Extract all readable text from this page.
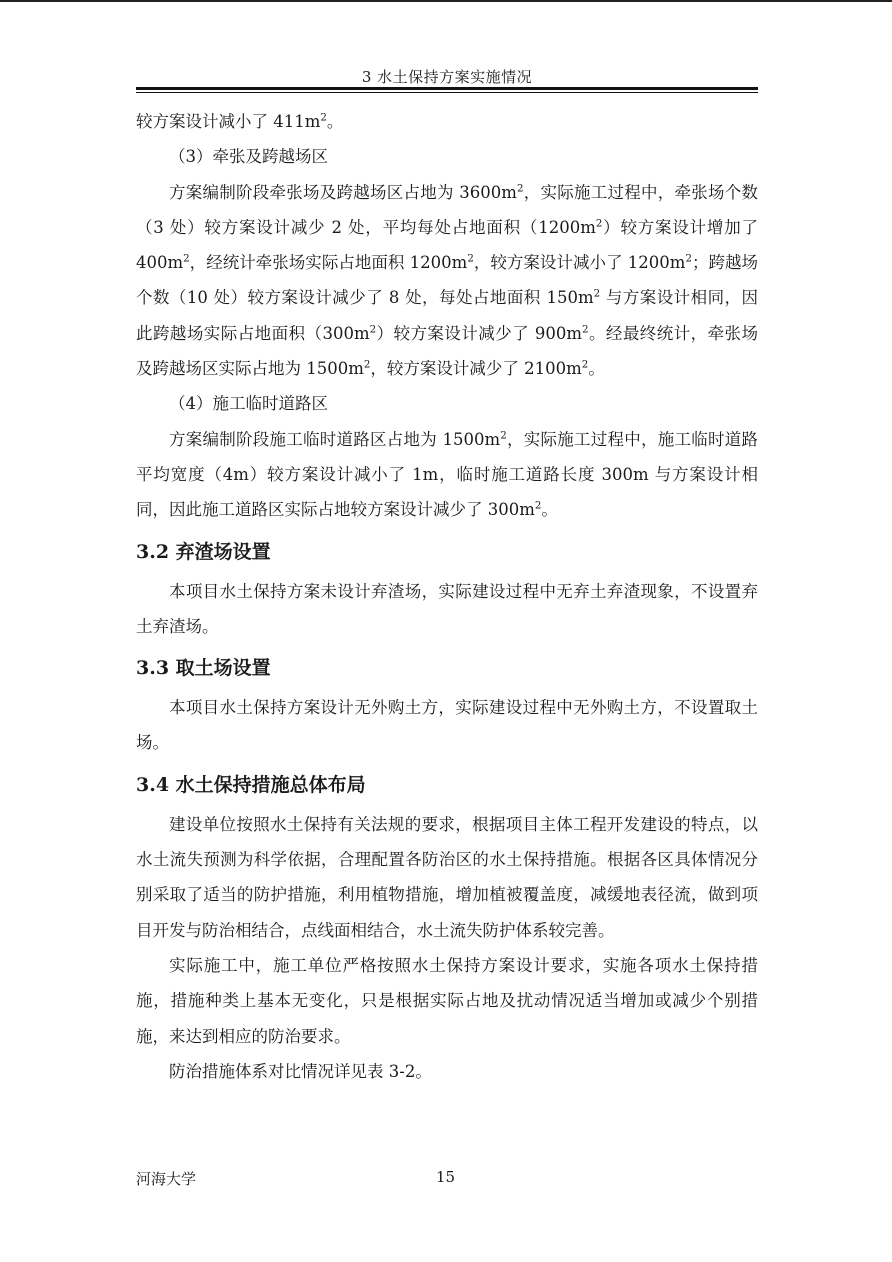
3 水土保持方案实施情况

较方案设计减小了 $411m^2$。

（3）牵张及跨越场区

方案编制阶段牵张场及跨越场区占地为 $3600m^2$，实际施工过程中，牵张场个数（3 处）较方案设计减少 2 处，平均每处占地面积$(1200m^2)$较方案设计增加了 $400m^2$，经统计牵张场实际占地面积 $1200m^2$，较方案设计减小了 $1200m^2$；跨越场个数（10 处）较方案设计减少了 8 处，每处占地面积 $150m^2$ 与方案设计相同，因此跨越场实际占地面积$(300m^2)$较方案设计减少了 $900m^2$。经最终统计，牵张场及跨越场区实际占地为 $1500m^2$，较方案设计减少了 $2100m^2$。

（4）施工临时道路区

方案编制阶段施工临时道路区占地为 $1500m^2$，实际施工过程中，施工临时道路平均宽度（4m）较方案设计减小了 1m，临时施工道路长度 300m 与方案设计相同，因此施工道路区实际占地较方案设计减少了 $300m^2$。

3.2 弃渣场设置

本项目水土保持方案未设计弃渣场，实际建设过程中无弃土弃渣现象，不设置弃土弃渣场。

3.3 取土场设置

本项目水土保持方案设计无外购土方，实际建设过程中无外购土方，不设置取土场。

3.4 水土保持措施总体布局

建设单位按照水土保持有关法规的要求，根据项目主体工程开发建设的特点，以水土流失预测为科学依据，合理配置各防治区的水土保持措施。根据各区具体情况分别采取了适当的防护措施，利用植物措施，增加植被覆盖度，减缓地表径流，做到项目开发与防治相结合，点线面相结合，水土流失防护体系较完善。

实际施工中，施工单位严格按照水土保持方案设计要求，实施各项水土保持措施，措施种类上基本无变化，只是根据实际占地及扰动情况适当增加或减少个别措施，来达到相应的防治要求。

防治措施体系对比情况详见表 3-2。

河海大学	15
